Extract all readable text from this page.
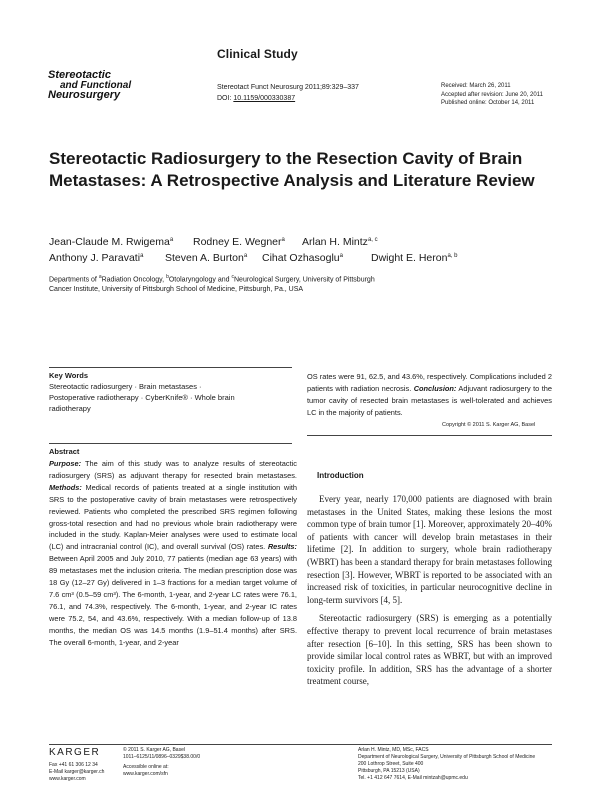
Clinical Study
Stereotactic
and Functional
Neurosurgery
Stereotact Funct Neurosurg 2011;89:329–337
DOI: 10.1159/000330387
Received: March 26, 2011
Accepted after revision: June 20, 2011
Published online: October 14, 2011
Stereotactic Radiosurgery to the Resection Cavity of Brain Metastases: A Retrospective Analysis and Literature Review
Jean-Claude M. Rwigema$^a$ Rodney E. Wegner$^a$ Arlan H. Mintz$^{a, c}$
Anthony J. Paravati$^a$ Steven A. Burton$^a$ Cihat Ozhasoglu$^a$	Dwight E. Heron$^{a, b}$
Departments of $^a$Radiation Oncology, $^b$Otolaryngology and $^c$Neurological Surgery, University of Pittsburgh
Cancer Institute, University of Pittsburgh School of Medicine, Pittsburgh, Pa., USA
Key Words
Stereotactic radiosurgery · Brain metastases ·
Postoperative radiotherapy · CyberKnife® · Whole brain
radiotherapy
Abstract
Purpose: The aim of this study was to analyze results of stereotactic radiosurgery (SRS) as adjuvant therapy for resected brain metastases. Methods: Medical records of patients treated at a single institution with SRS to the postoperative cavity of brain metastases were retrospectively reviewed. Patients who completed the prescribed SRS regimen following gross-total resection and had no previous whole brain radiotherapy were included in the study. Kaplan-Meier analyses were used to estimate local (LC) and intracranial control (IC), and overall survival (OS) rates. Results: Between April 2005 and July 2010, 77 patients (median age 63 years) with 89 metastases met the inclusion criteria. The median prescription dose was 18 Gy (12–27 Gy) delivered in 1–3 fractions for a median target volume of 7.6 cm³ (0.5–59 cm³). The 6-month, 1-year, and 2-year LC rates were 76.1, 76.1, and 74.3%, respectively. The 6-month, 1-year, and 2-year IC rates were 75.2, 54, and 43.6%, respectively. With a median follow-up of 13.8 months, the median OS was 14.5 months (1.9–51.4 months) after SRS. The overall 6-month, 1-year, and 2-year
OS rates were 91, 62.5, and 43.6%, respectively. Complications included 2 patients with radiation necrosis. Conclusion: Adjuvant radiosurgery to the tumor cavity of resected brain metastases is well-tolerated and achieves LC in the majority of patients.
Copyright © 2011 S. Karger AG, Basel
Introduction

Every year, nearly 170,000 patients are diagnosed with brain metastases in the United States, making these lesions the most common type of brain tumor [1]. Moreover, approximately 20–40% of patients with cancer will develop brain metastases in their lifetime [2]. In addition to surgery, whole brain radiotherapy (WBRT) has been a standard therapy for brain metastases following resection [3]. However, WBRT is reported to be associated with an increased risk of toxicities, in particular neurocognitive decline in long-term survivors [4, 5].

Stereotactic radiosurgery (SRS) is emerging as a potentially effective therapy to prevent local recurrence of brain metastases after resection [6–10]. In this setting, SRS has been shown to provide similar local control rates as WBRT, but with an improved toxicity profile. In addition, SRS has the advantage of a shorter treatment course,

KARGER
Fax +41 61 306 12 34
E-Mail karger@karger.ch
www.karger.com
© 2011 S. Karger AG, Basel
1011–6125/11/0896–0329$38.00/0
Accessible online at:
www.karger.com/sfn
Arlan H. Mintz, MD, MSc, FACS
Department of Neurological Surgery, University of Pittsburgh School of Medicine
200 Lothrop Street, Suite 400
Pittsburgh, PA 15213 (USA)
Tel. +1 412 647 7614, E-Mail mintzah@upmc.edu
